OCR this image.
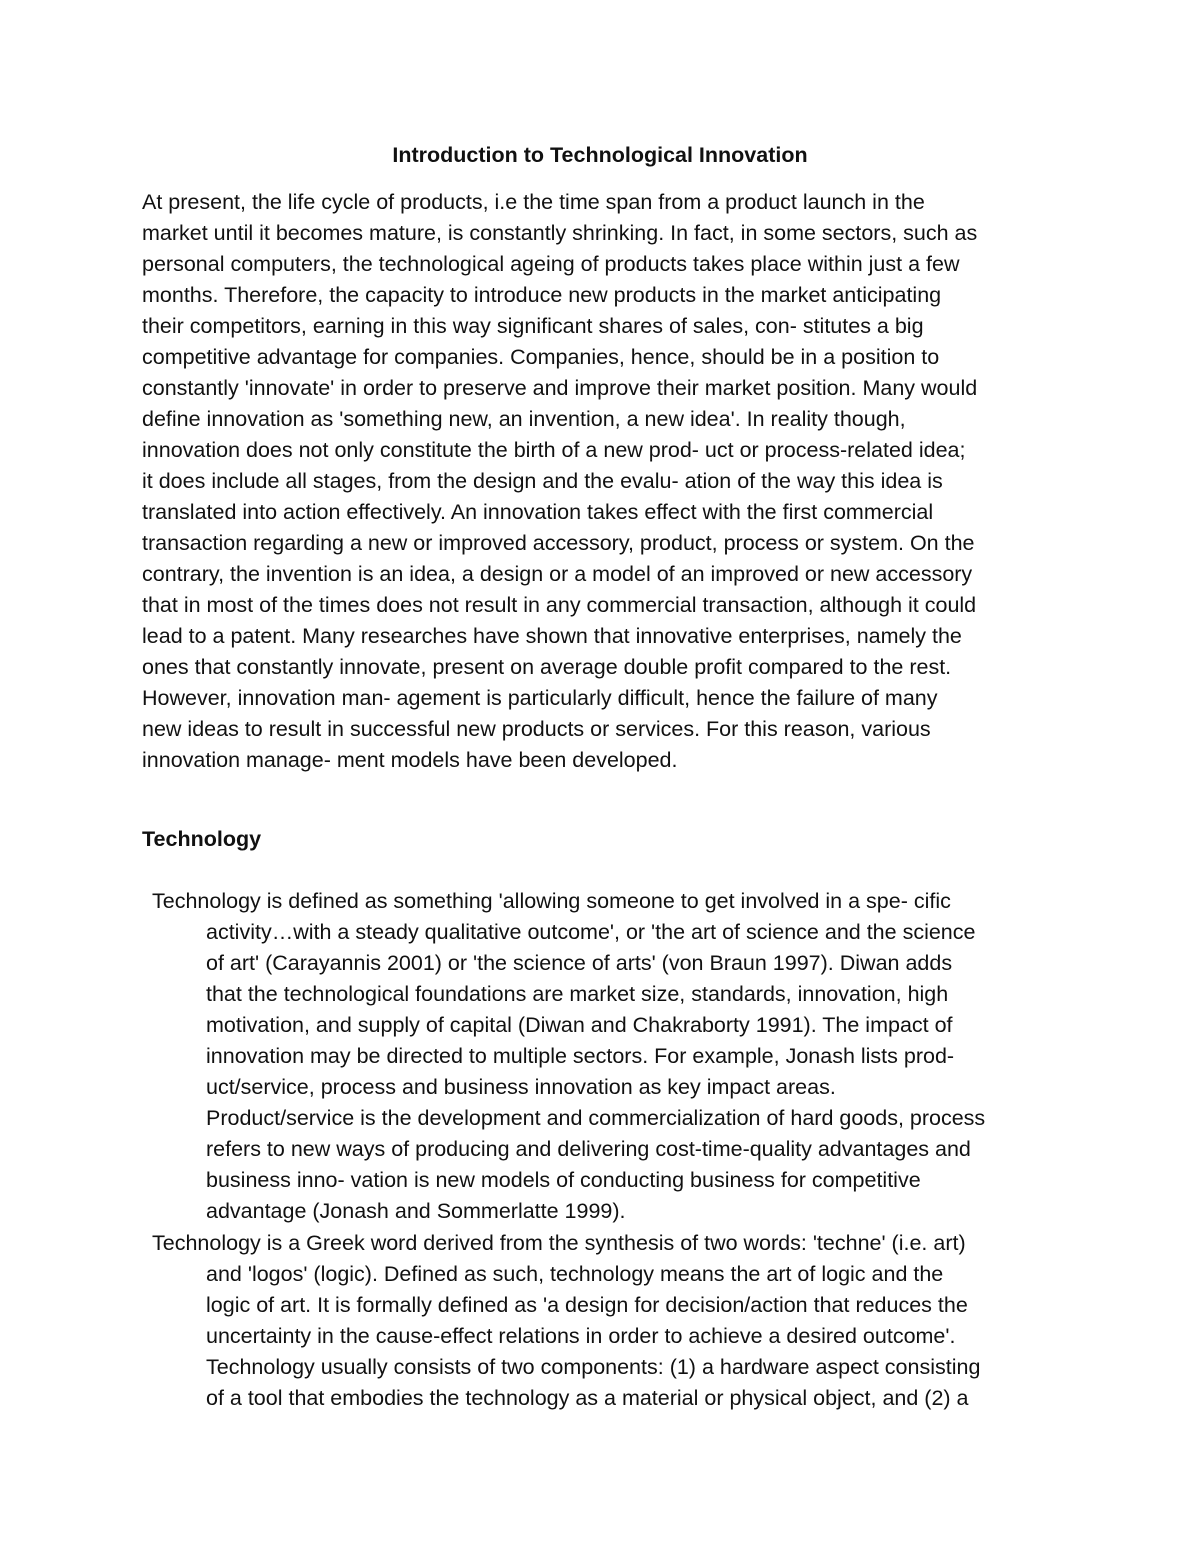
Introduction to Technological Innovation

At present, the life cycle of products, i.e the time span from a product launch in the
market until it becomes mature, is constantly shrinking. In fact, in some sectors, such as
personal computers, the technological ageing of products takes place within just a few
months. Therefore, the capacity to introduce new products in the market anticipating
their competitors, earning in this way significant shares of sales, con- stitutes a big
competitive advantage for companies. Companies, hence, should be in a position to
constantly 'innovate' in order to preserve and improve their market position. Many would
define innovation as 'something new, an invention, a new idea'. In reality though,
innovation does not only constitute the birth of a new prod- uct or process-related idea;
it does include all stages, from the design and the evalu- ation of the way this idea is
translated into action effectively. An innovation takes effect with the first commercial
transaction regarding a new or improved accessory, product, process or system. On the
contrary, the invention is an idea, a design or a model of an improved or new accessory
that in most of the times does not result in any commercial transaction, although it could
lead to a patent. Many researches have shown that innovative enterprises, namely the
ones that constantly innovate, present on average double profit compared to the rest.
However, innovation man- agement is particularly difficult, hence the failure of many
new ideas to result in successful new products or services. For this reason, various
innovation manage- ment models have been developed.

Technology

Technology is defined as something 'allowing someone to get involved in a spe- cific
activity…with a steady qualitative outcome', or 'the art of science and the science
of art' (Carayannis 2001) or 'the science of arts' (von Braun 1997). Diwan adds
that the technological foundations are market size, standards, innovation, high
motivation, and supply of capital (Diwan and Chakraborty 1991). The impact of
innovation may be directed to multiple sectors. For example, Jonash lists prod-
uct/service, process and business innovation as key impact areas.
Product/service is the development and commercialization of hard goods, process
refers to new ways of producing and delivering cost-time-quality advantages and
business inno- vation is new models of conducting business for competitive
advantage (Jonash and Sommerlatte 1999).

Technology is a Greek word derived from the synthesis of two words: 'techne' (i.e. art)
and 'logos' (logic). Defined as such, technology means the art of logic and the
logic of art. It is formally defined as 'a design for decision/action that reduces the
uncertainty in the cause-effect relations in order to achieve a desired outcome'.
Technology usually consists of two components: (1) a hardware aspect consisting
of a tool that embodies the technology as a material or physical object, and (2) a
